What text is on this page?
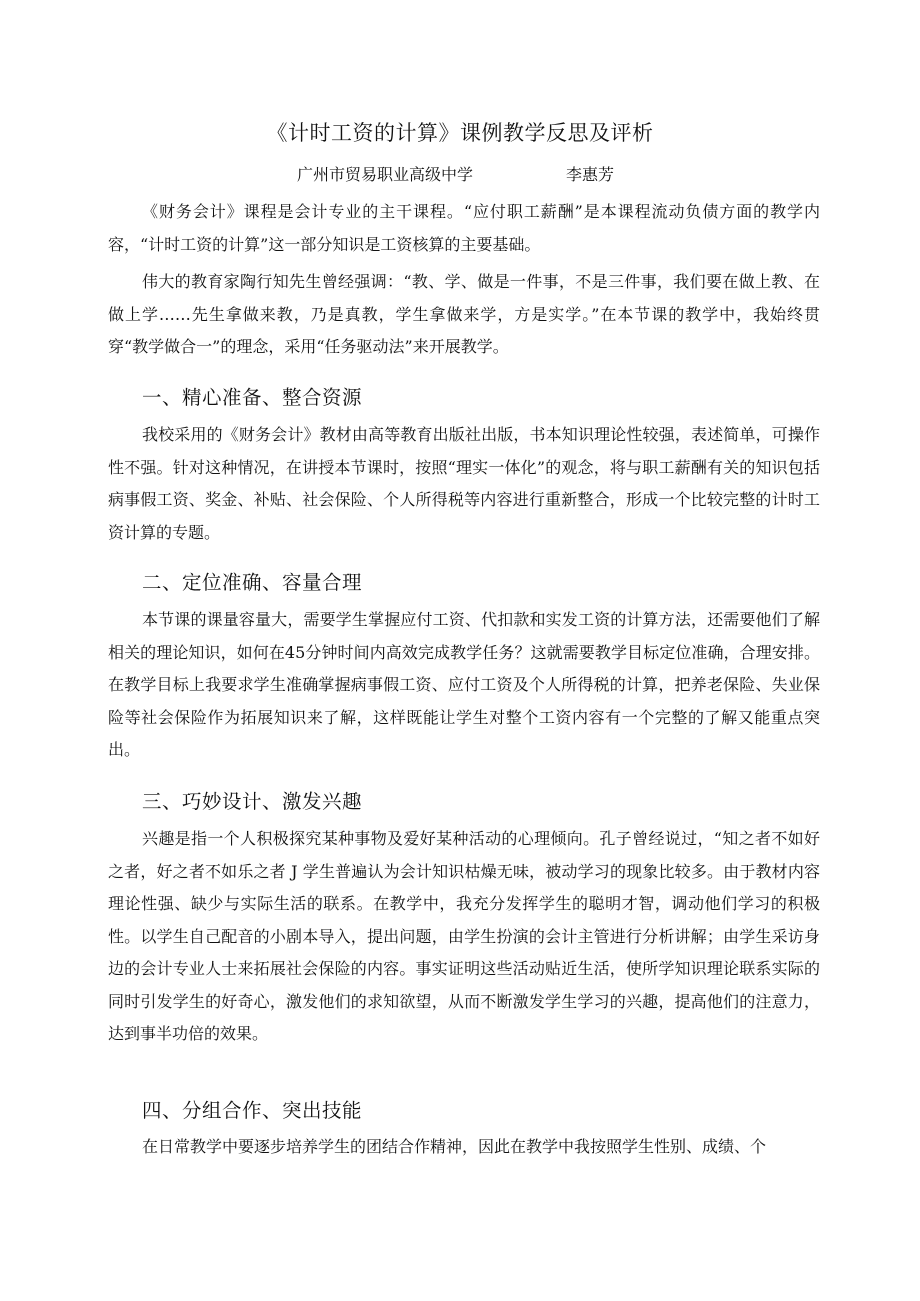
《计时工资的计算》课例教学反思及评析
广州市贸易职业高级中学	李惠芳

《财务会计》课程是会计专业的主干课程。“应付职工薪酬”是本课程流动负债方面的教学内容，“计时工资的计算”这一部分知识是工资核算的主要基础。

伟大的教育家陶行知先生曾经强调：“教、学、做是一件事，不是三件事，我们要在做上教、在做上学……先生拿做来教，乃是真教，学生拿做来学，方是实学。”在本节课的教学中，我始终贯穿“教学做合一”的理念，采用“任务驱动法”来开展教学。

一、精心准备、整合资源

我校采用的《财务会计》教材由高等教育出版社出版，书本知识理论性较强，表述简单，可操作性不强。针对这种情况，在讲授本节课时，按照“理实一体化”的观念，将与职工薪酬有关的知识包括病事假工资、奖金、补贴、社会保险、个人所得税等内容进行重新整合，形成一个比较完整的计时工资计算的专题。

二、定位准确、容量合理

本节课的课量容量大，需要学生掌握应付工资、代扣款和实发工资的计算方法，还需要他们了解相关的理论知识，如何在45分钟时间内高效完成教学任务？这就需要教学目标定位准确，合理安排。在教学目标上我要求学生准确掌握病事假工资、应付工资及个人所得税的计算，把养老保险、失业保险等社会保险作为拓展知识来了解，这样既能让学生对整个工资内容有一个完整的了解又能重点突出。

三、巧妙设计、激发兴趣

兴趣是指一个人积极探究某种事物及爱好某种活动的心理倾向。孔子曾经说过，“知之者不如好之者，好之者不如乐之者 J 学生普遍认为会计知识枯燥无味，被动学习的现象比较多。由于教材内容理论性强、缺少与实际生活的联系。在教学中，我充分发挥学生的聪明才智，调动他们学习的积极性。以学生自己配音的小剧本导入，提出问题，由学生扮演的会计主管进行分析讲解；由学生采访身边的会计专业人士来拓展社会保险的内容。事实证明这些活动贴近生活，使所学知识理论联系实际的同时引发学生的好奇心，激发他们的求知欲望，从而不断激发学生学习的兴趣，提高他们的注意力，达到事半功倍的效果。

四、分组合作、突出技能

在日常教学中要逐步培养学生的团结合作精神，因此在教学中我按照学生性别、成绩、个
